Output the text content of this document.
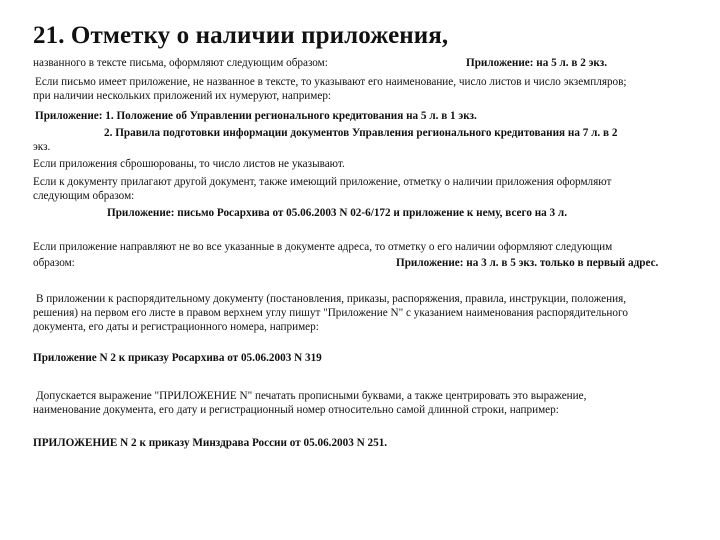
21. Отметку о наличии приложения,
названного в тексте письма, оформляют следующим образом:	Приложение: на 5 л. в 2 экз.
Если письмо имеет приложение, не названное в тексте, то указывают его наименование, число листов и число экземпляров;
при наличии нескольких приложений их нумеруют, например:
Приложение: 1. Положение об Управлении регионального кредитования на 5 л. в 1 экз.
2. Правила подготовки информации документов Управления регионального кредитования на 7 л. в 2
экз.
Если приложения сброшюрованы, то число листов не указывают.
Если к документу прилагают другой документ, также имеющий приложение, отметку о наличии приложения оформляют
следующим образом:
Приложение: письмо Росархива от 05.06.2003 N 02-6/172 и приложение к нему, всего на 3 л.
Если приложение направляют не во все указанные в документе адреса, то отметку о его наличии оформляют следующим
образом:	Приложение: на 3 л. в 5 экз. только в первый адрес.
В приложении к распорядительному документу (постановления, приказы, распоряжения, правила, инструкции, положения,
решения) на первом его листе в правом верхнем углу пишут "Приложение N" с указанием наименования распорядительного
документа, его даты и регистрационного номера, например:
Приложение N 2 к приказу Росархива от 05.06.2003 N 319
Допускается выражение "ПРИЛОЖЕНИЕ N" печатать прописными буквами, а также центрировать это выражение,
наименование документа, его дату и регистрационный номер относительно самой длинной строки, например:
ПРИЛОЖЕНИЕ N 2 к приказу Минздрава России от 05.06.2003 N 251.
